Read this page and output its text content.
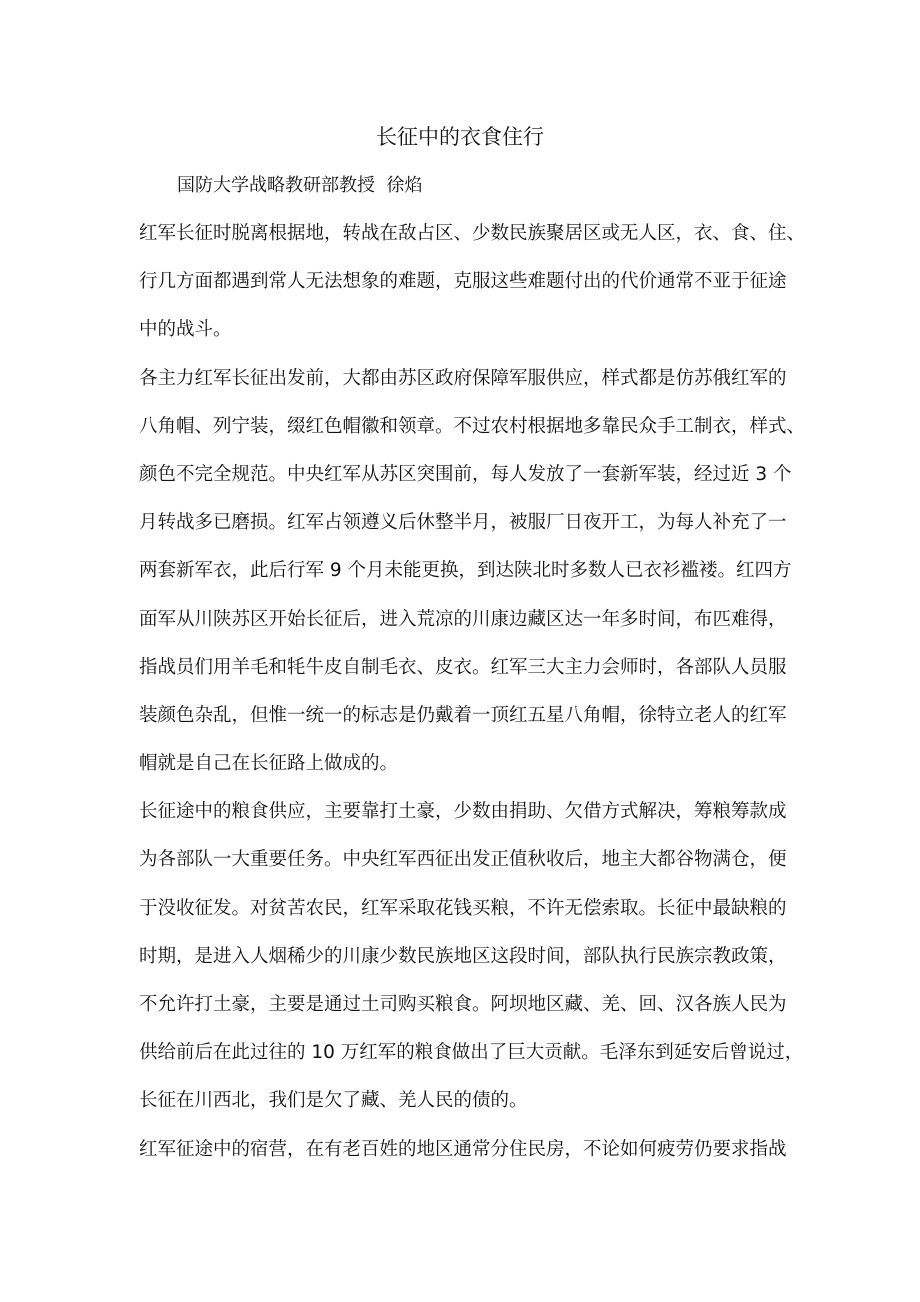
长征中的衣食住行
国防大学战略教研部教授  徐焰
红军长征时脱离根据地，转战在敌占区、少数民族聚居区或无人区，衣、食、住、
行几方面都遇到常人无法想象的难题，克服这些难题付出的代价通常不亚于征途
中的战斗。
各主力红军长征出发前，大都由苏区政府保障军服供应，样式都是仿苏俄红军的
八角帽、列宁装，缀红色帽徽和领章。不过农村根据地多靠民众手工制衣，样式、
颜色不完全规范。中央红军从苏区突围前，每人发放了一套新军装，经过近 3 个
月转战多已磨损。红军占领遵义后休整半月，被服厂日夜开工，为每人补充了一
两套新军衣，此后行军 9 个月未能更换，到达陕北时多数人已衣衫褴褛。红四方
面军从川陕苏区开始长征后，进入荒凉的川康边藏区达一年多时间，布匹难得，
指战员们用羊毛和牦牛皮自制毛衣、皮衣。红军三大主力会师时，各部队人员服
装颜色杂乱，但惟一统一的标志是仍戴着一顶红五星八角帽，徐特立老人的红军
帽就是自己在长征路上做成的。
长征途中的粮食供应，主要靠打土豪，少数由捐助、欠借方式解决，筹粮筹款成
为各部队一大重要任务。中央红军西征出发正值秋收后，地主大都谷物满仓，便
于没收征发。对贫苦农民，红军采取花钱买粮，不许无偿索取。长征中最缺粮的
时期，是进入人烟稀少的川康少数民族地区这段时间，部队执行民族宗教政策，
不允许打土豪，主要是通过土司购买粮食。阿坝地区藏、羌、回、汉各族人民为
供给前后在此过往的 10 万红军的粮食做出了巨大贡献。毛泽东到延安后曾说过，
长征在川西北，我们是欠了藏、羌人民的债的。
红军征途中的宿营，在有老百姓的地区通常分住民房，不论如何疲劳仍要求指战
